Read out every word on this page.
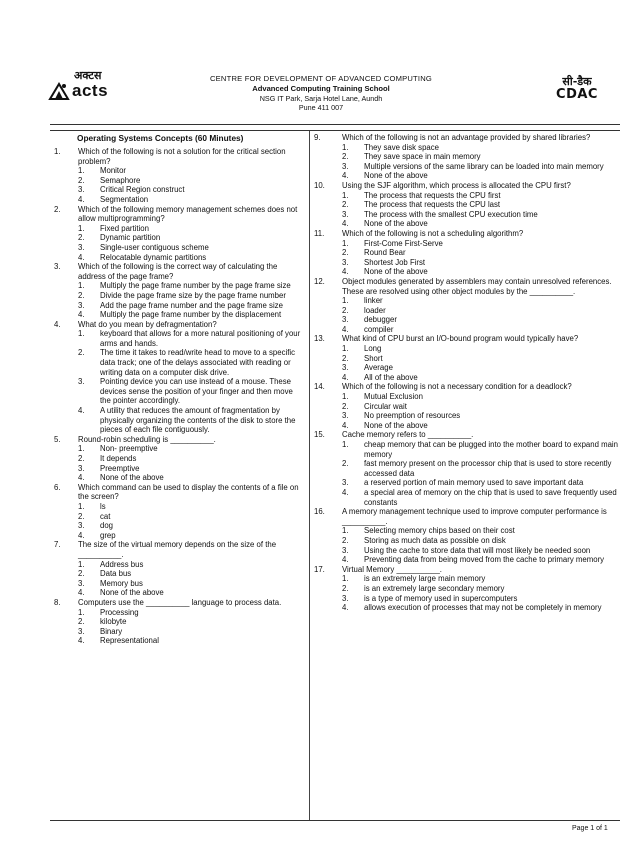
अक्टस
acts
CENTRE FOR DEVELOPMENT OF ADVANCED COMPUTING
Advanced Computing Training School
NSG IT Park, Sarja Hotel Lane, Aundh
Pune 411 007
सी-डैक
CDAC
Operating Systems Concepts (60 Minutes)
1.	Which of the following is not a solution for the critical section problem?
1.	Monitor
2.	Semaphore
3.	Critical Region construct
4.	Segmentation
2.	Which of the following memory management schemes does not allow multiprogramming?
1.	Fixed partition
2.	Dynamic partition
3.	Single-user contiguous scheme
4.	Relocatable dynamic partitions
3.	Which of the following is the correct way of calculating the address of the page frame?
1.	Multiply the page frame number by the page frame size
2.	Divide the page frame size by the page frame number
3.	Add the page frame number and the page frame size
4.	Multiply the page frame number by the displacement
4.	What do you mean by defragmentation?
1.	keyboard that allows for a more natural positioning of your arms and hands.
2.	The time it takes to read/write head to move to a specific data track; one of the delays associated with reading or writing data on a computer disk drive.
3.	Pointing device you can use instead of a mouse. These devices sense the position of your finger and then move the pointer accordingly.
4.	A utility that reduces the amount of fragmentation by physically organizing the contents of the disk to store the pieces of each file contiguously.
5.	Round-robin scheduling is __________.
1.	Non- preemptive
2.	It depends
3.	Preemptive
4.	None of the above
6.	Which command can be used to display the contents of a file on the screen?
1.	ls
2.	cat
3.	dog
4.	grep
7.	The size of the virtual memory depends on the size of the __________.
1.	Address bus
2.	Data bus
3.	Memory bus
4.	None of the above
8.	Computers use the __________ language to process data.
1.	Processing
2.	kilobyte
3.	Binary
4.	Representational
9.	Which of the following is not an advantage provided by shared libraries?
1.	They save disk space
2.	They save space in main memory
3.	Multiple versions of the same library can be loaded into main memory
4.	None of the above
10.	Using the SJF algorithm, which process is allocated the CPU first?
1.	The process that requests the CPU first
2.	The process that requests the CPU last
3.	The process with the smallest CPU execution time
4.	None of the above
11.	Which of the following is not a scheduling algorithm?
1.	First-Come First-Serve
2.	Round Bear
3.	Shortest Job First
4.	None of the above
12.	Object modules generated by assemblers may contain unresolved references. These are resolved using other object modules by the __________.
1.	linker
2.	loader
3.	debugger
4.	compiler
13.	What kind of CPU burst an I/O-bound program would typically have?
1.	Long
2.	Short
3.	Average
4.	All of the above
14.	Which of the following is not a necessary condition for a deadlock?
1.	Mutual Exclusion
2.	Circular wait
3.	No preemption of resources
4.	None of the above
15.	Cache memory refers to __________.
1.	cheap memory that can be plugged into the mother board to expand main memory
2.	fast memory present on the processor chip that is used to store recently accessed data
3.	a reserved portion of main memory used to save important data
4.	a special area of memory on the chip that is used to save frequently used constants
16.	A memory management technique used to improve computer performance is __________.
1.	Selecting memory chips based on their cost
2.	Storing as much data as possible on disk
3.	Using the cache to store data that will most likely be needed soon
4.	Preventing data from being moved from the cache to primary memory
17.	Virtual Memory __________.
1.	is an extremely large main memory
2.	is an extremely large secondary memory
3.	is a type of memory used in supercomputers
4.	allows execution of processes that may not be completely in memory
Page 1 of 1
